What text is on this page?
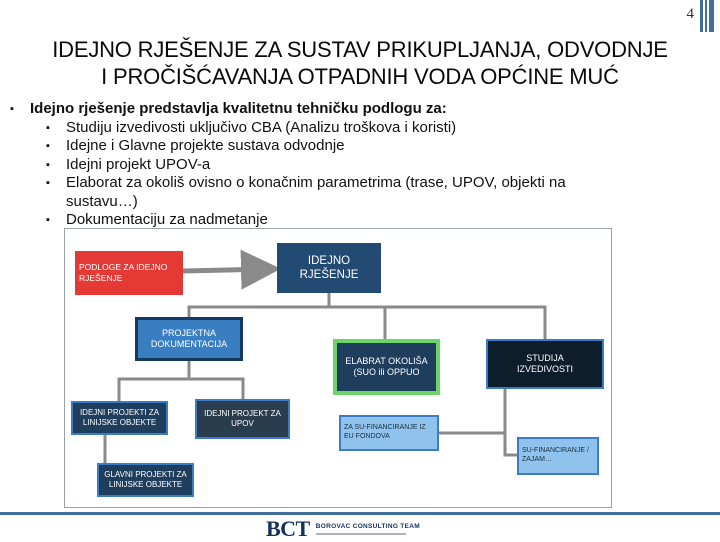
4
IDEJNO RJEŠENJE ZA SUSTAV PRIKUPLJANJA, ODVODNJE
I PROČIŠĆAVANJA OTPADNIH VODA OPĆINE MUĆ
▪ Idejno rješenje predstavlja kvalitetnu tehničku podlogu za:
▪ Studiju izvedivosti uključivo CBA (Analizu troškova i koristi)
▪ Idejne i Glavne projekte sustava odvodnje
▪ Idejni projekt UPOV-a
▪ Elaborat za okoliš ovisno o konačnim parametrima (trase, UPOV, objekti na
sustavu…)
▪ Dokumentaciju za nadmetanje
PODLOGE ZA IDEJNO RJEŠENJE
IDEJNO
RJEŠENJE
PROJEKTNA
DOKUMENTACIJA
ELABRAT OKOLIŠA
(SUO ili OPPUO
STUDIJA
IZVEDIVOSTI
IDEJNI PROJEKTI ZA
LINIJSKE OBJEKTE
IDEJNI PROJEKT ZA
UPOV	ZA SU-FINANCIRANJE IZ
EU FONDOVA
GLAVNI PROJEKTI ZA
LINIJSKE OBJEKTE
SU-FINANCIRANJE /
ZAJAM…
BCT BOROVAC CONSULTING TEAM
